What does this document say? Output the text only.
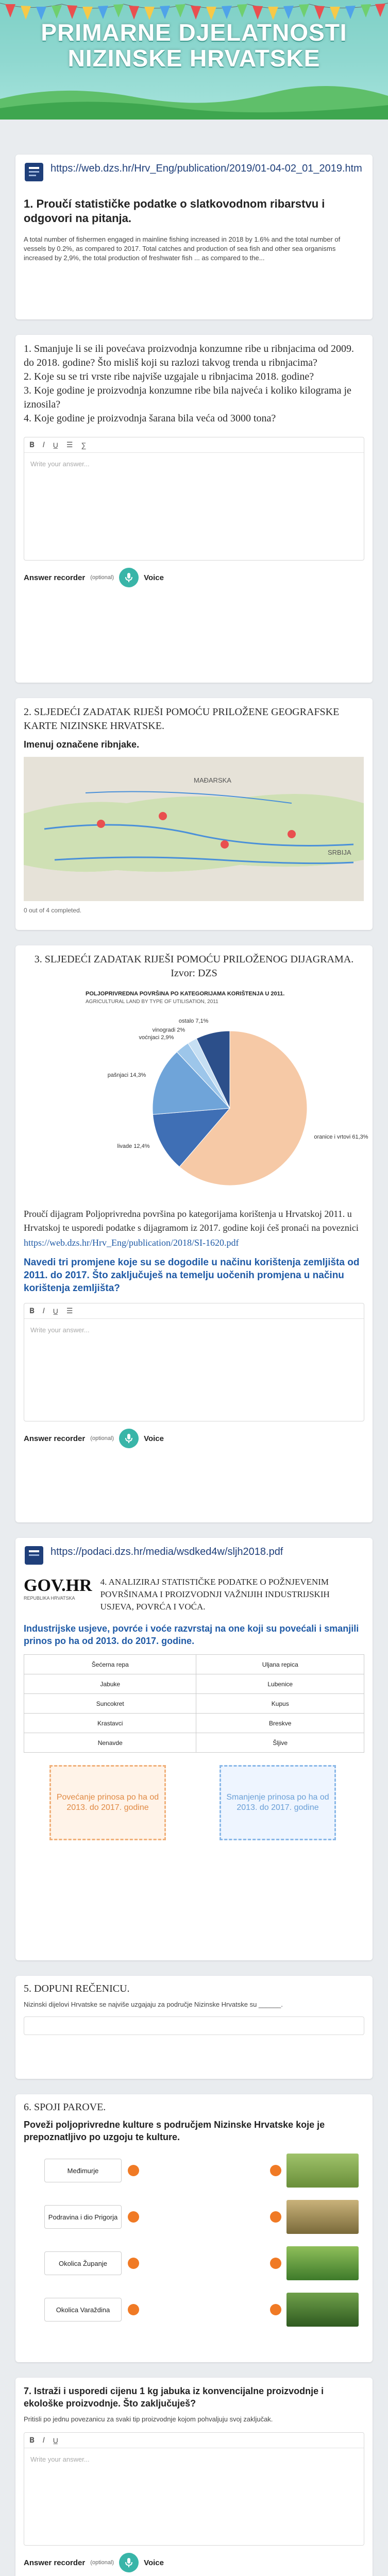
PRIMARNE DJELATNOSTI
NIZINSKE HRVATSKE
https://web.dzs.hr/Hrv_Eng/publication/2019/01-04-02_01_2019.htm
1. Proučí statističke podatke o slatkovodnom ribarstvu i odgovori na pitanja.
A total number of fishermen engaged in mainline fishing increased in 2018 by 1.6% and the total number of vessels by 0.2%, as compared to 2017. Total catches and production of sea fish and other sea organisms increased by 2,9%, the total production of freshwater fish ... as compared to the...
1. Smanjuje li se ili povećava proizvodnja konzumne ribe u ribnjacima od 2009. do 2018. godine? Što misliš koji su razlozi takvog trenda u ribnjacima?
2. Koje su se tri vrste ribe najviše uzgajale u ribnjacima 2018. godine?
3. Koje godine je proizvodnja konzumne ribe bila najveća i koliko kilograma je iznosila?
4. Koje godine je proizvodnja šaranа bila veća od 3000 tona?
𝐁 𝐼 U̲ ☰ ∑
Write your answer...
Answer recorder (optional)	Voice
2. SLJEDEĆI ZADATAK RIJEŠI POMOĆU PRILOŽENE GEOGRAFSKE KARTE NIZINSKE HRVATSKE.
Imenuj označene ribnjake.
MAĐARSKA
SRBIJA
0 out of 4 completed.
3. SLJEDEĆI ZADATAK RIJEŠI POMOĆU PRILOŽENOG DIJAGRAMA. Izvor: DZS
POLJOPRIVREDNA POVRŠINA PO KATEGORIJAMA KORIŠTENJA U 2011.
AGRICULTURAL LAND BY TYPE OF UTILISATION, 2011
oranice i vrtovi 61,3%
livade 12,4%
pašnjaci 14,3%
voćnjaci 2,9%
vinogradi 2%
ostalo 7,1%
Proučí dijagram Poljoprivredna površina po kategorijama korištenja u Hrvatskoj 2011. u Hrvatskoj te usporedi podatke s dijagramom iz 2017. godine koji ćeš pronaći na poveznici
https://web.dzs.hr/Hrv_Eng/publication/2018/SI-1620.pdf
Navedi tri promjene koje su se dogodile u načinu korištenja zemljišta od 2011. do 2017. Što zaključuješ na temelju uočenih promjena u načinu korištenja zemljišta?
𝐁 𝐼 U̲ ☰
Write your answer...
Answer recorder (optional)	Voice
https://podaci.dzs.hr/media/wsdked4w/sljh2018.pdf
GOV.HR
REPUBLIKA HRVATSKA
4. ANALIZIRAJ STATISTIČKE PODATKE O POŽNJEVENIM POVRŠINAMA I PROIZVODNJI VAŽNIJIH INDUSTRIJSKIH USJEVA, POVRĆA I VOĆA.
Industrijske usjeve, povrće i voće razvrstaj na one koji su povećali i smanjili prinos po ha od 2013. do 2017. godine.
Šećerna repa	Uljana repica
Jabuke	Lubenice
Suncokret	Kupus
Krastavci	Breskve
Nenavde	Šljive
Povećanje prinosa po ha od 2013. do 2017. godine
Smanjenje prinosa po ha od 2013. do 2017. godine
5. DOPUNI REČENICU.
Nizinski dijelovi Hrvatske se najviše uzgajaju za područje Nizinske Hrvatske su ______.
6. SPOJI PAROVE.
Poveži poljoprivredne kulture s područjem Nizinske Hrvatske koje je prepoznatljivo po uzgoju te kulture.
Međimurje
Podravina i dio Prigorja
Okolica Županje
Okolica Varaždina
7. Istraži i usporedi cijenu 1 kg jabuka iz konvencijalne proizvodnje i ekološke proizvodnje. Što zaključuješ?
Pritisli po jednu povezanicu za svaki tip proizvodnje kojom pohvaljuju svoj zaključak.
𝐁 𝐼 U̲
Write your answer...
Answer recorder (optional)	Voice
